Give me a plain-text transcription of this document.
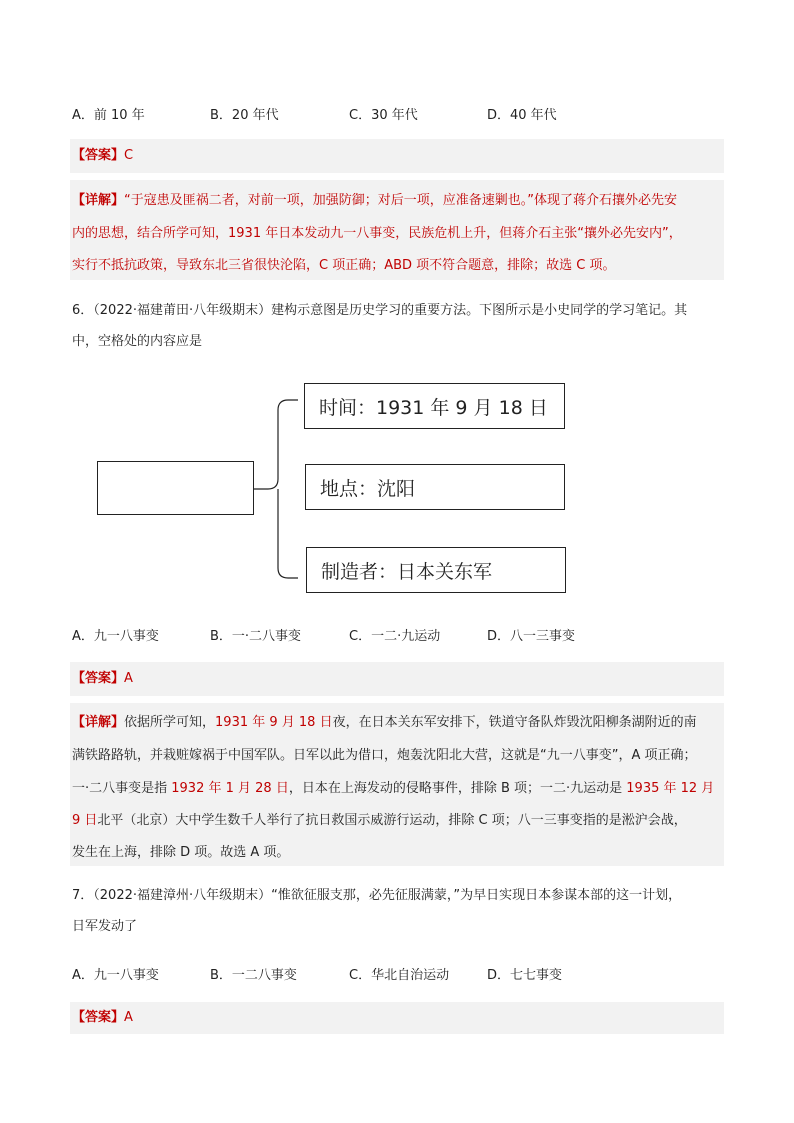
A．前 10 年	B．20 年代	C．30 年代	D．40 年代
【答案】C
【详解】“于寇患及匪祸二者，对前一项，加强防御；对后一项，应准备速剿也。”体现了蒋介石攘外必先安
内的思想，结合所学可知，1931 年日本发动九一八事变，民族危机上升，但蒋介石主张“攘外必先安内”，
实行不抵抗政策，导致东北三省很快沦陷，C 项正确；ABD 项不符合题意，排除；故选 C 项。
6．（2022·福建莆田·八年级期末）建构示意图是历史学习的重要方法。下图所示是小史同学的学习笔记。其
中，空格处的内容应是
时间：1931 年 9 月 18 日
地点：沈阳
制造者：日本关东军
A．九一八事变	B．一·二八事变	C．一二·九运动	D．八一三事变
【答案】A
【详解】依据所学可知，1931 年 9 月 18 日夜，在日本关东军安排下，铁道守备队炸毁沈阳柳条湖附近的南
满铁路路轨，并栽赃嫁祸于中国军队。日军以此为借口，炮轰沈阳北大营，这就是“九一八事变”，A 项正确；
一·二八事变是指 1932 年 1 月 28 日，日本在上海发动的侵略事件，排除 B 项；一二·九运动是 1935 年 12 月
9 日北平（北京）大中学生数千人举行了抗日救国示威游行运动，排除 C 项；八一三事变指的是淞沪会战，
发生在上海，排除 D 项。故选 A 项。
7．（2022·福建漳州·八年级期末）“惟欲征服支那，必先征服满蒙，”为早日实现日本参谋本部的这一计划，
日军发动了
A．九一八事变	B．一二八事变	C．华北自治运动	D．七七事变
【答案】A
